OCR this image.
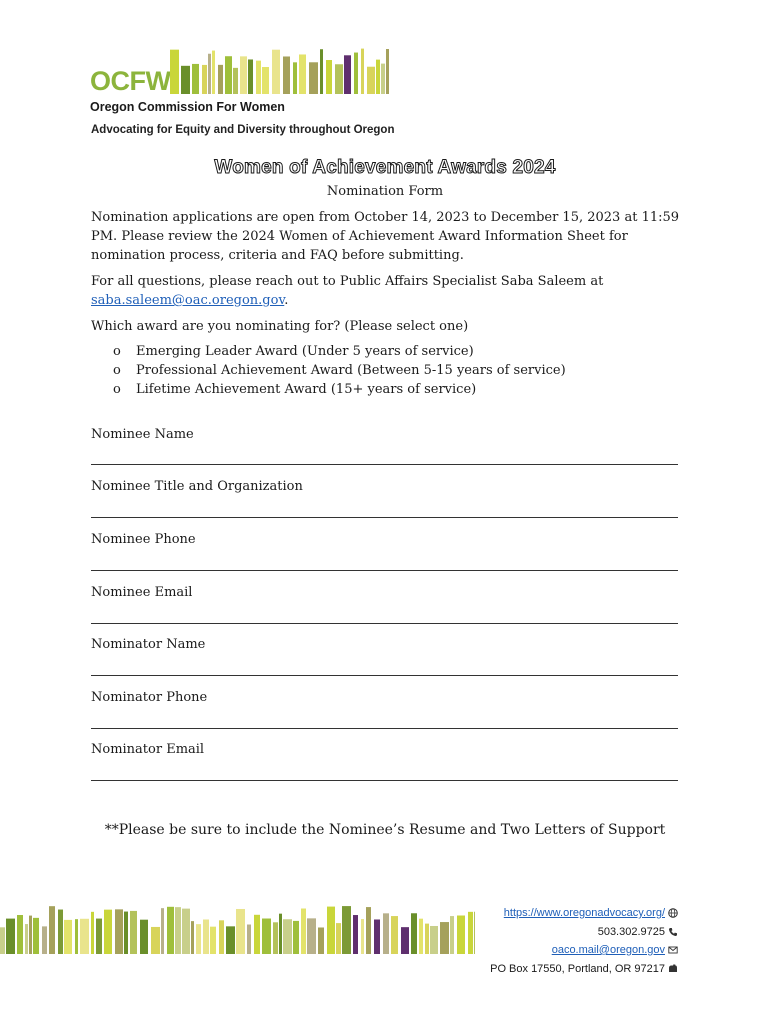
OCFW
Oregon Commission For Women
Advocating for Equity and Diversity throughout Oregon
Women of Achievement Awards 2024
Nomination Form
Nomination applications are open from October 14, 2023 to December 15, 2023 at 11:59 PM. Please review the 2024 Women of Achievement Award Information Sheet for nomination process, criteria and FAQ before submitting.
For all questions, please reach out to Public Affairs Specialist Saba Saleem at
saba.saleem@oac.oregon.gov.
Which award are you nominating for? (Please select one)
o Emerging Leader Award (Under 5 years of service)
o Professional Achievement Award (Between 5-15 years of service)
o Lifetime Achievement Award (15+ years of service)
Nominee Name
Nominee Title and Organization
Nominee Phone
Nominee Email
Nominator Name
Nominator Phone
Nominator Email
**Please be sure to include the Nominee’s Resume and Two Letters of Support
https://www.oregonadvocacy.org/
503.302.9725
oaco.mail@oregon.gov
PO Box 17550, Portland, OR 97217
